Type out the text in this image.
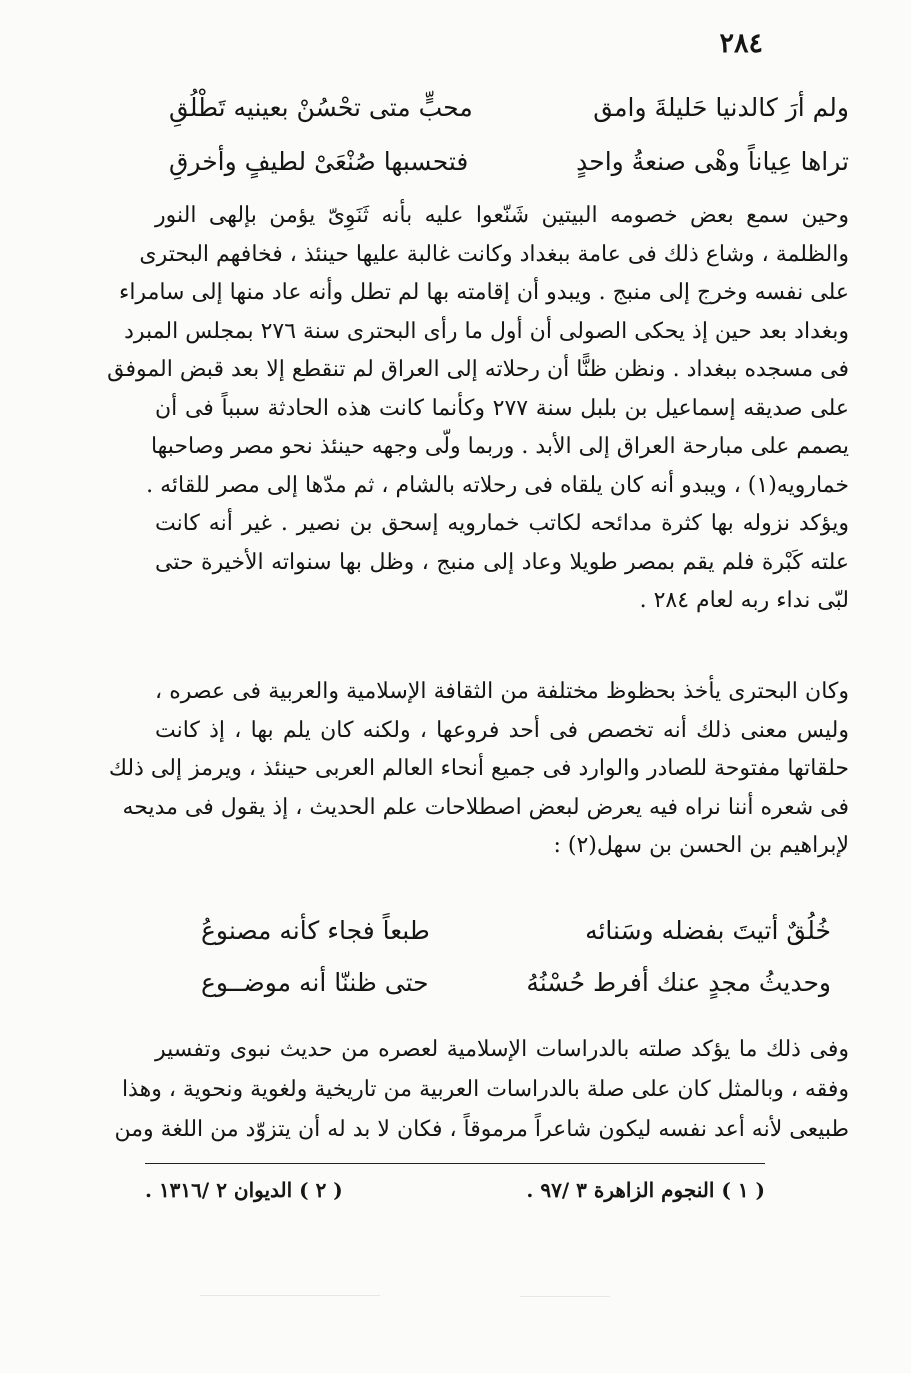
٢٨٤
ولم أرَ كالدنيا حَليلةَ وامق
محبٍّ متى تحْسُنْ بعينيه تَطْلُقِ
تراها عِياناً وهْى صنعةُ واحدٍ
فتحسبها صُنْعَىْ لطيفٍ وأخرقِ
وحين سمع بعض خصومه البيتين شَنّعوا عليه بأنه ثَنَوِىّ يؤمن بإلهى النور
والظلمة ، وشاع ذلك فى عامة ببغداد وكانت غالبة عليها حينئذ ، فخافهم البحترى
على نفسه وخرج إلى منبج . ويبدو أن إقامته بها لم تطل وأنه عاد منها إلى سامراء
وبغداد بعد حين إذ يحكى الصولى أن أول ما رأى البحترى سنة ٢٧٦ بمجلس المبرد
فى مسجده ببغداد . ونظن ظنًّا أن رحلاته إلى العراق لم تنقطع إلا بعد قبض الموفق
على صديقه إسماعيل بن بلبل سنة ٢٧٧ وكأنما كانت هذه الحادثة سبباً فى أن
يصمم على مبارحة العراق إلى الأبد . وربما ولّى وجهه حينئذ نحو مصر وصاحبها
خمارويه(١) ، ويبدو أنه كان يلقاه فى رحلاته بالشام ، ثم مدّها إلى مصر للقائه .
ويؤكد نزوله بها كثرة مدائحه لكاتب خمارويه إسحق بن نصير . غير أنه كانت
علته كَبْرة فلم يقم بمصر طويلا وعاد إلى منبج ، وظل بها سنواته الأخيرة حتى
لبّى نداء ربه لعام ٢٨٤ .
وكان البحترى يأخذ بحظوظ مختلفة من الثقافة الإسلامية والعربية فى عصره ،
وليس معنى ذلك أنه تخصص فى أحد فروعها ، ولكنه كان يلم بها ، إذ كانت
حلقاتها مفتوحة للصادر والوارد فى جميع أنحاء العالم العربى حينئذ ، ويرمز إلى ذلك
فى شعره أننا نراه فيه يعرض لبعض اصطلاحات علم الحديث ، إذ يقول فى مديحه
لإبراهيم بن الحسن بن سهل(٢) :
خُلُقٌ أتيتَ بفضله وسَنائه
طبعاً فجاء كأنه مصنوعُ
وحديثُ مجدٍ عنك أفرط حُسْنُهُ
حتى ظننّا أنه موضــوع
وفى ذلك ما يؤكد صلته بالدراسات الإسلامية لعصره من حديث نبوى وتفسير
وفقه ، وبالمثل كان على صلة بالدراسات العربية من تاريخية ولغوية ونحوية ، وهذا
طبيعى لأنه أعد نفسه ليكون شاعراً مرموقاً ، فكان لا بد له أن يتزوّد من اللغة ومن
( ١ ) النجوم الزاهرة ٣ /٩٧ .
( ٢ ) الديوان ٢ /١٣١٦ .
